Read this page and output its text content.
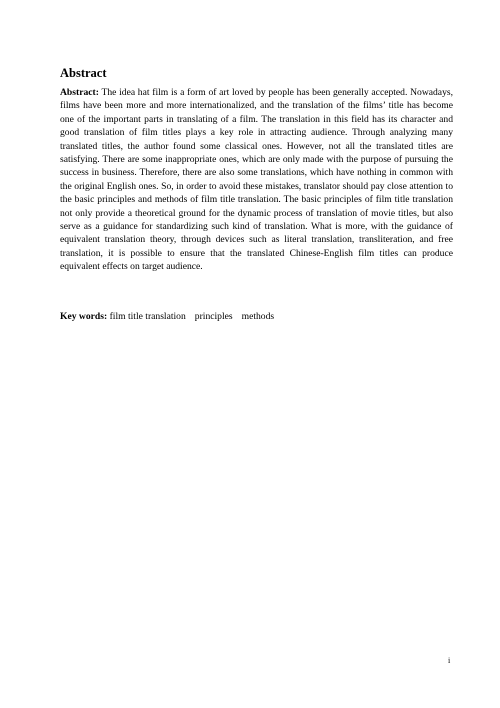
Abstract

Abstract: The idea hat film is a form of art loved by people has been generally accepted. Nowadays, films have been more and more internationalized, and the translation of the films’ title has become one of the important parts in translating of a film. The translation in this field has its character and good translation of film titles plays a key role in attracting audience. Through analyzing many translated titles, the author found some classical ones. However, not all the translated titles are satisfying. There are some inappropriate ones, which are only made with the purpose of pursuing the success in business. Therefore, there are also some translations, which have nothing in common with the original English ones. So, in order to avoid these mistakes, translator should pay close attention to the basic principles and methods of film title translation. The basic principles of film title translation not only provide a theoretical ground for the dynamic process of translation of movie titles, but also serve as a guidance for standardizing such kind of translation. What is more, with the guidance of equivalent translation theory, through devices such as literal translation, transliteration, and free translation, it is possible to ensure that the translated Chinese-English film titles can produce equivalent effects on target audience.

Key words: film title translation principles methods
i
